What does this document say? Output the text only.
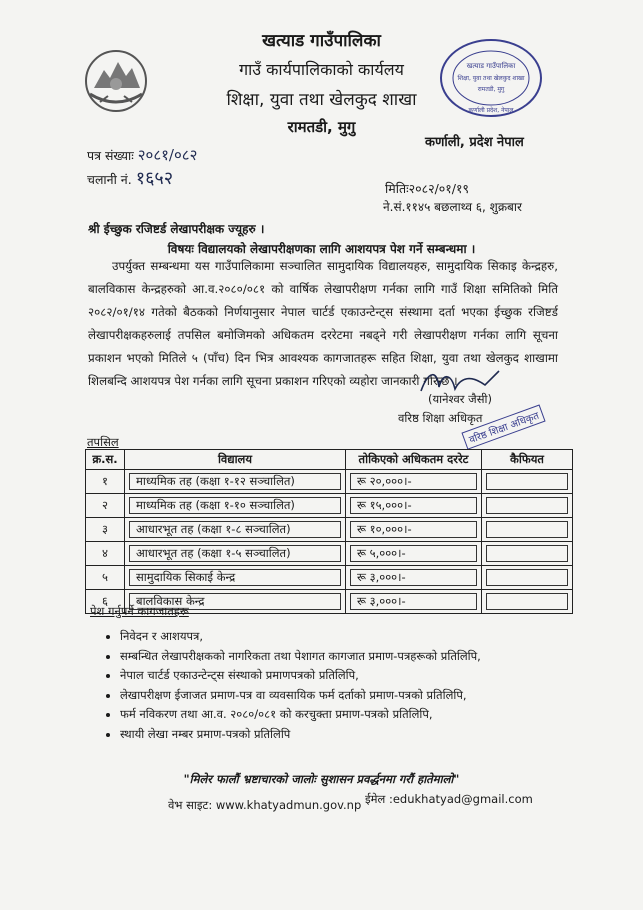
खत्याड गाउँपालिका
गाउँ कार्यपालिकाको कार्यलय
शिक्षा, युवा तथा खेलकुद शाखा
रामतडी, मुगु
खत्याड गाउँपालिका
शिक्षा, युवा तथा खेलकुद शाखा
रामतडी, मुगु
कर्णाली प्रदेश, नेपाल
कर्णाली, प्रदेश नेपाल
पत्र संख्याः २०८१/०८२
चलानी नं. १६५२	मितिः२०८२/०१/१९
ने.सं.११४५ बछलाथ्व ६, शुक्रबार
श्री ईच्छुक रजिष्टर्ड लेखापरीक्षक ज्यूहरु ।
विषयः विद्यालयको लेखापरीक्षणका लागि आशयपत्र पेश गर्ने सम्बन्धमा ।
उपर्युक्त सम्बन्धमा यस गाउँपालिकामा सञ्चालित सामुदायिक विद्यालयहरु, सामुदायिक सिकाइ केन्द्रहरु, बालविकास केन्द्रहरुको आ.व.२०८०/०८१ को वार्षिक लेखापरीक्षण गर्नका लागि गाउँ शिक्षा समितिको मिति २०८२/०१/१४ गतेको बैठकको निर्णयानुसार नेपाल चार्टर्ड एकाउन्टेन्ट्स संस्थामा दर्ता भएका ईच्छुक रजिष्टर्ड लेखापरीक्षकहरुलाई तपसिल बमोजिमको अधिकतम दररेटमा नबढ्ने गरी लेखापरीक्षण गर्नका लागि सूचना प्रकाशन भएको मितिले ५ (पाँच) दिन भित्र आवश्यक कागजातहरू सहित शिक्षा, युवा तथा खेलकुद शाखामा शिलबन्दि आशयपत्र पेश गर्नका लागि सूचना प्रकाशन गरिएको व्यहोरा जानकारी गरिन्छ ।
(यानेश्वर जैसी)
वरिष्ठ शिक्षा अधिकृत
वरिष्ठ शिक्षा अधिकृत
तपसिल
क्र.स.	विद्यालय	तोकिएको अधिकतम दररेट	कैफियत
१	माध्यमिक तह (कक्षा १-१२ सञ्चालित)	रू २०,०००।-	
२	माध्यमिक तह (कक्षा १-१० सञ्चालित)	रू १५,०००।-	
३	आधारभूत तह (कक्षा १-८ सञ्चालित)	रू १०,०००।-	
४	आधारभूत तह (कक्षा १-५ सञ्चालित)	रू ५,०००।-	
५	सामुदायिक सिकाई केन्द्र	रू ३,०००।-	
६	बालविकास केन्द्र	रू ३,०००।-	
पेश गर्नुपर्ने कागजातहरू
• निवेदन र आशयपत्र,
• सम्बन्धित लेखापरीक्षकको नागरिकता तथा पेशागत कागजात प्रमाण-पत्रहरूको प्रतिलिपि,
• नेपाल चार्टर्ड एकाउन्टेन्ट्स संस्थाको प्रमाणपत्रको प्रतिलिपि,
• लेखापरीक्षण ईजाजत प्रमाण-पत्र वा व्यवसायिक फर्म दर्ताको प्रमाण-पत्रको प्रतिलिपि,
• फर्म नविकरण तथा आ.व. २०८०/०८१ को करचुक्ता प्रमाण-पत्रको प्रतिलिपि,
• स्थायी लेखा नम्बर प्रमाण-पत्रको प्रतिलिपि
"मिलेर फालौं भ्रष्टाचारको जालोः सुशासन प्रवर्द्धनमा गरौं हातेमालो"
वेभ साइट: www.khatyadmun.gov.np ईमेल :edukhatyad@gmail.com
